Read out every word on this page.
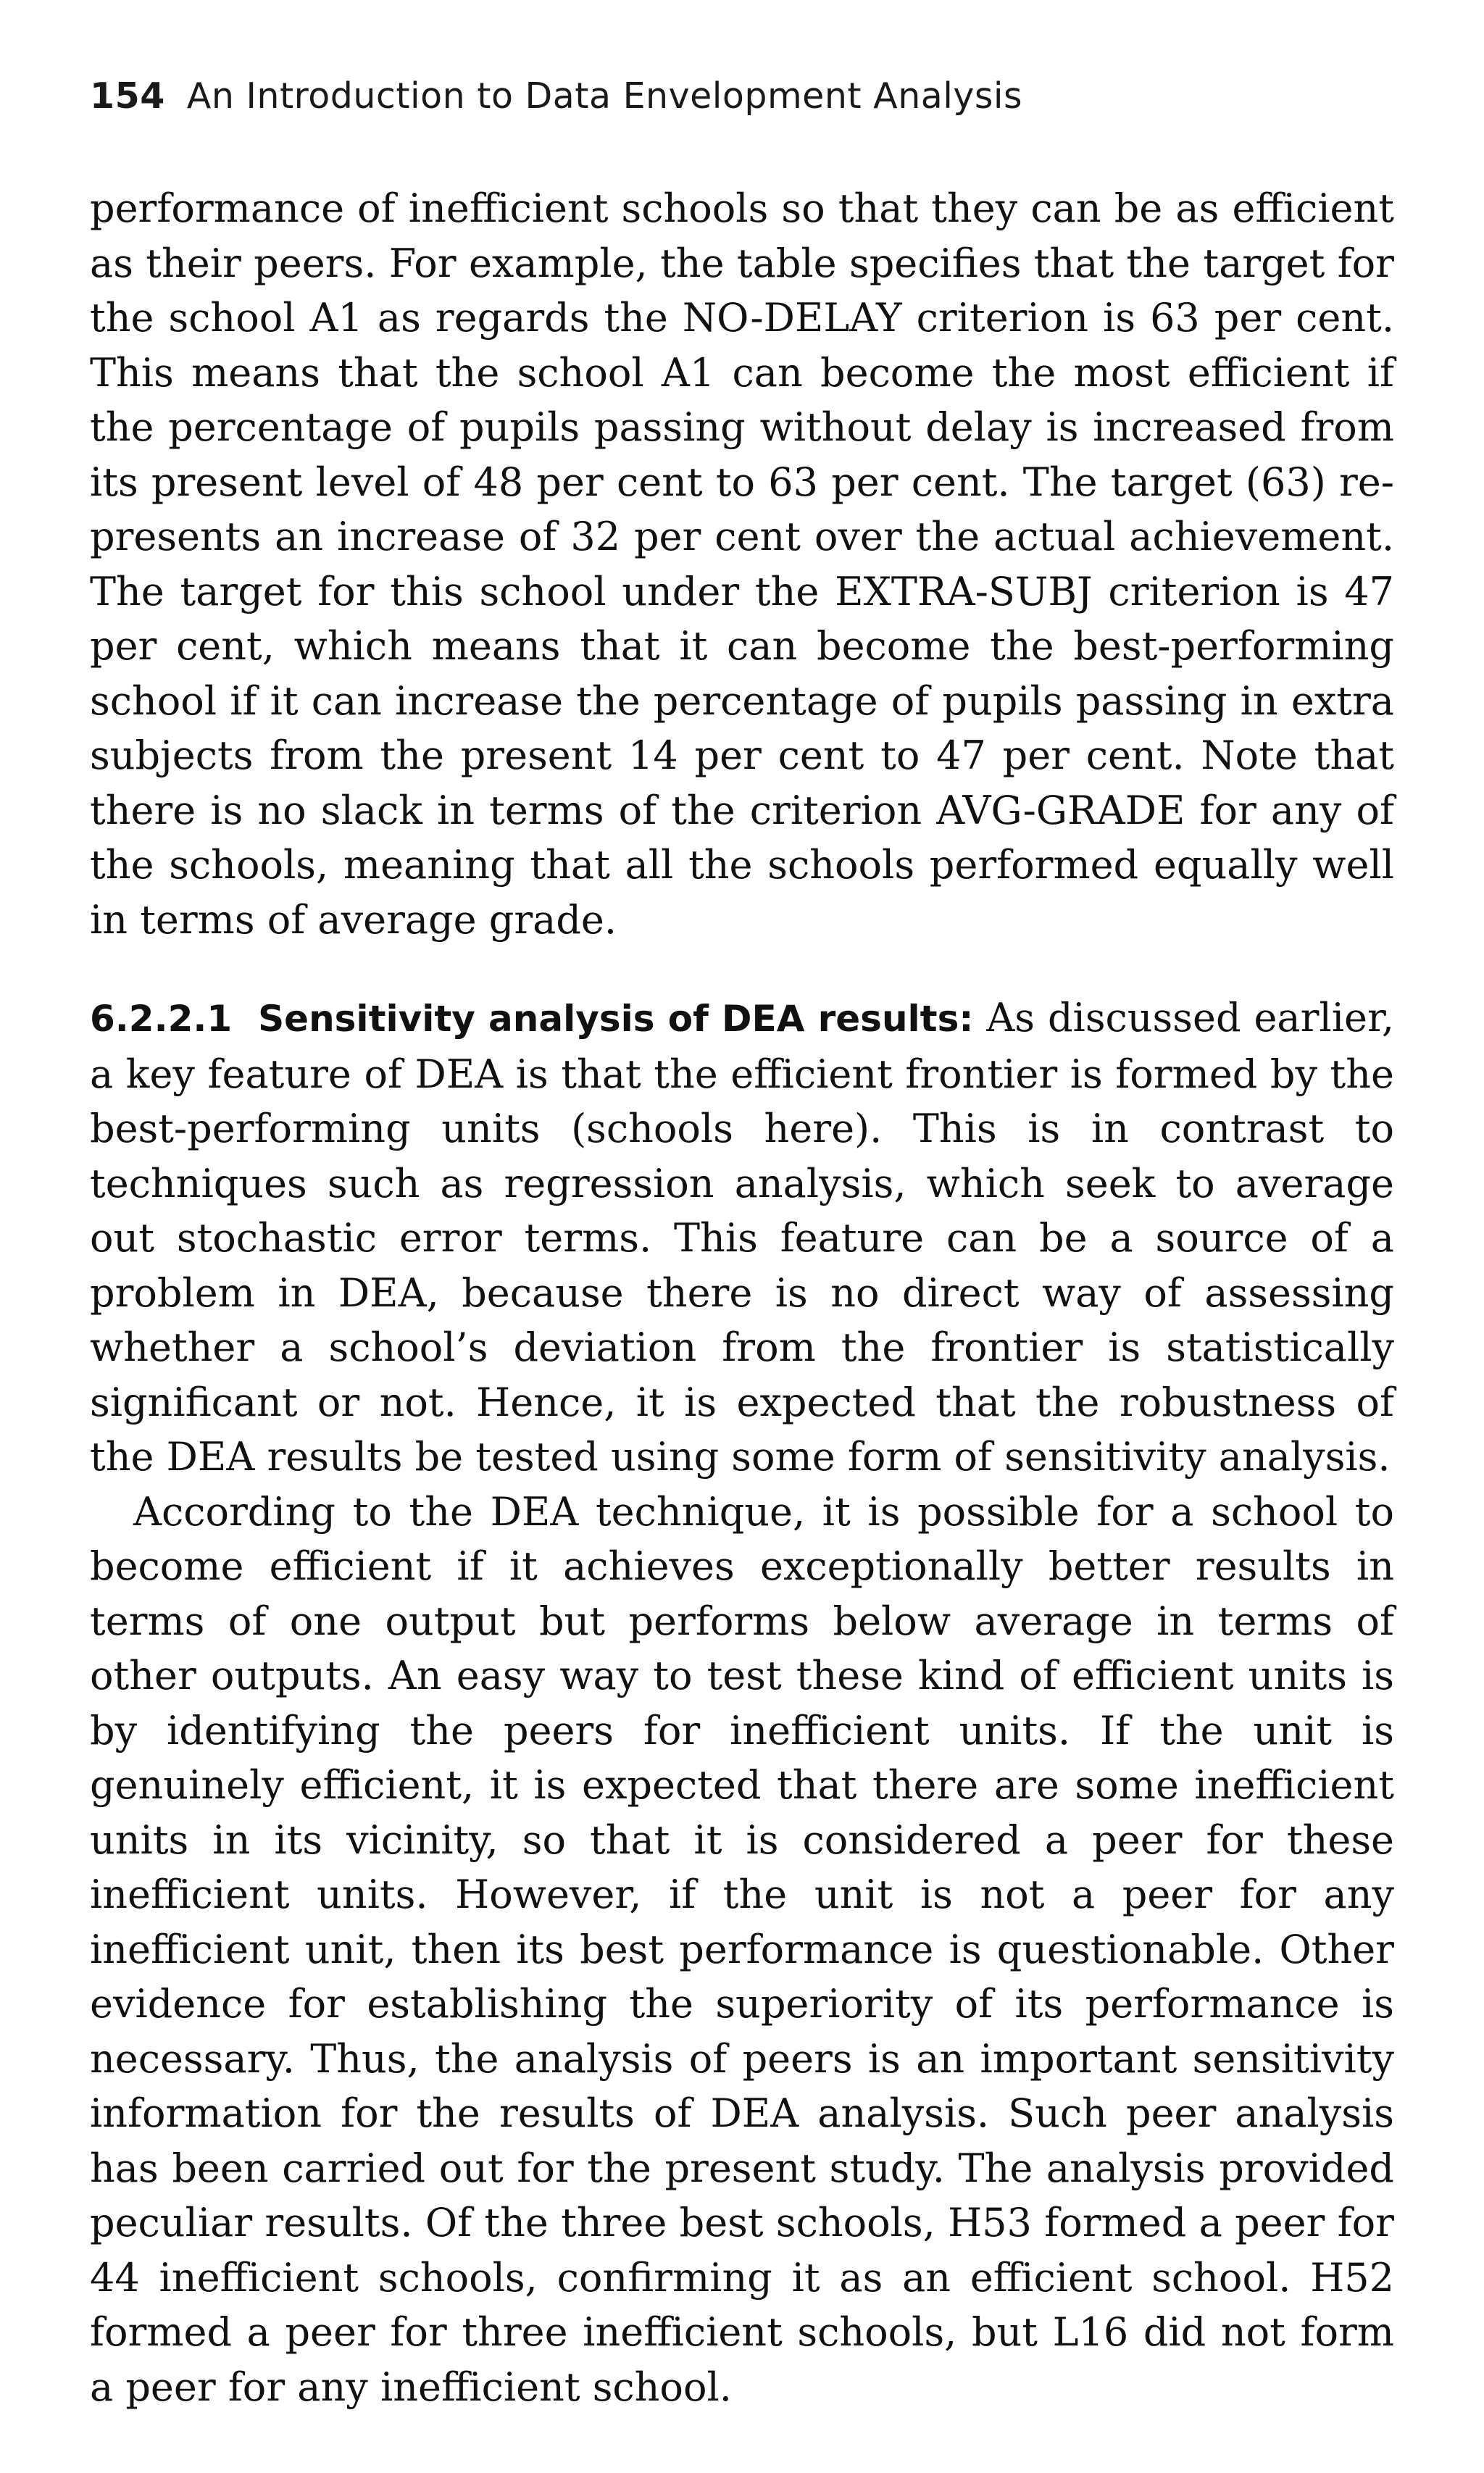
154 An Introduction to Data Envelopment Analysis

performance of inefficient schools so that they can be as efficient as their peers. For example, the table specifies that the target for the school A1 as regards the NO-DELAY criterion is 63 per cent. This means that the school A1 can become the most efficient if the percentage of pupils passing without delay is increased from its present level of 48 per cent to 63 per cent. The target (63) represents an increase of 32 per cent over the actual achievement. The target for this school under the EXTRA-SUBJ criterion is 47 per cent, which means that it can become the best-performing school if it can increase the percentage of pupils passing in extra subjects from the present 14 per cent to 47 per cent. Note that there is no slack in terms of the criterion AVG-GRADE for any of the schools, meaning that all the schools performed equally well in terms of average grade.

6.2.2.1 Sensitivity analysis of DEA results: As discussed earlier, a key feature of DEA is that the efficient frontier is formed by the best-performing units (schools here). This is in contrast to techniques such as regression analysis, which seek to average out stochastic error terms. This feature can be a source of a problem in DEA, because there is no direct way of assessing whether a school’s deviation from the frontier is statistically significant or not. Hence, it is expected that the robustness of the DEA results be tested using some form of sensitivity analysis.

According to the DEA technique, it is possible for a school to become efficient if it achieves exceptionally better results in terms of one output but performs below average in terms of other outputs. An easy way to test these kind of efficient units is by identifying the peers for inefficient units. If the unit is genuinely efficient, it is expected that there are some inefficient units in its vicinity, so that it is considered a peer for these inefficient units. However, if the unit is not a peer for any inefficient unit, then its best performance is questionable. Other evidence for establishing the superiority of its performance is necessary. Thus, the analysis of peers is an important sensitivity information for the results of DEA analysis. Such peer analysis has been carried out for the present study. The analysis provided peculiar results. Of the three best schools, H53 formed a peer for 44 inefficient schools, confirming it as an efficient school. H52 formed a peer for three inefficient schools, but L16 did not form a peer for any inefficient school.
